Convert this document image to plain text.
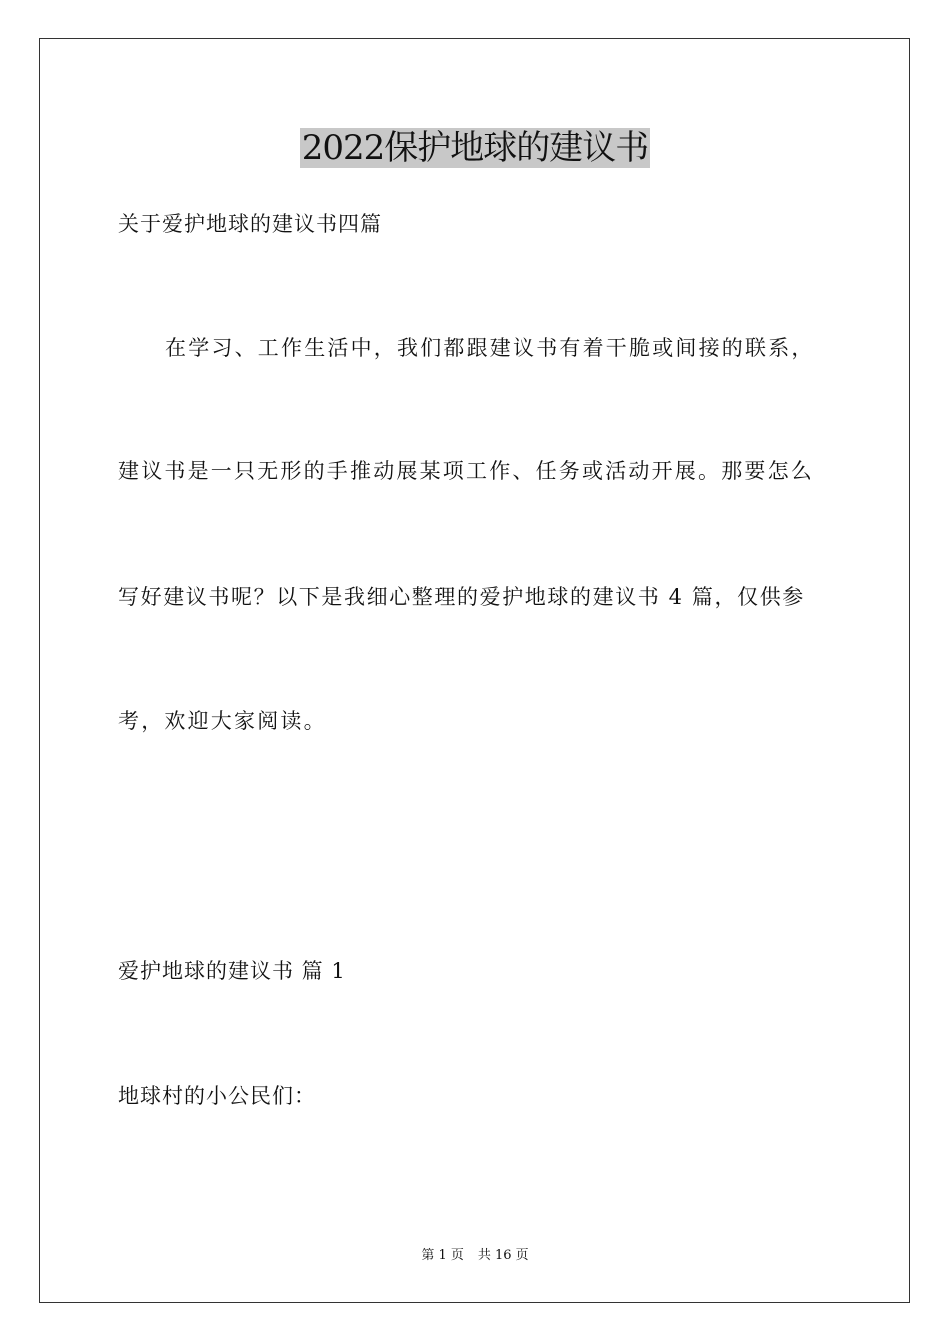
2022保护地球的建议书

关于爱护地球的建议书四篇

在学习、工作生活中，我们都跟建议书有着干脆或间接的联系，

建议书是一只无形的手推动展某项工作、任务或活动开展。那要怎么

写好建议书呢？以下是我细心整理的爱护地球的建议书 4 篇，仅供参

考，欢迎大家阅读。

爱护地球的建议书 篇 1

地球村的小公民们：

第 1 页 共 16 页
